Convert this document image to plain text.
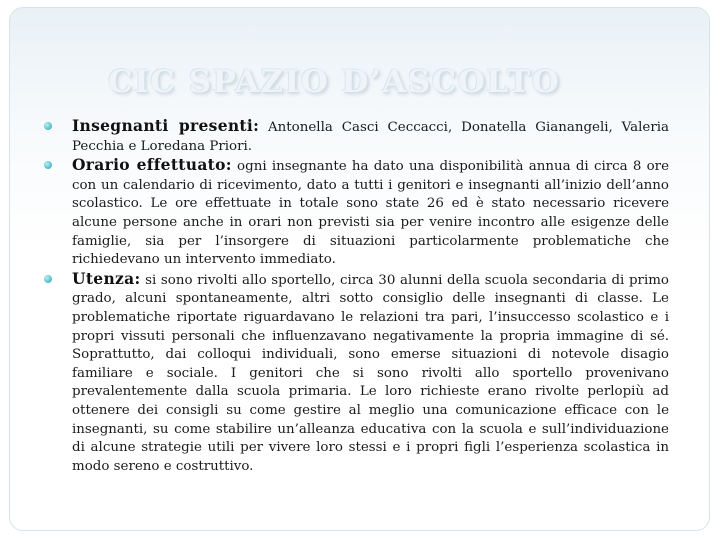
CIC SPAZIO D’ASCOLTO

Insegnanti presenti: Antonella Casci Ceccacci, Donatella Gianangeli, Valeria Pecchia e Loredana Priori.

Orario effettuato: ogni insegnante ha dato una disponibilità annua di circa 8 ore con un calendario di ricevimento, dato a tutti i genitori e insegnanti all’inizio dell’anno scolastico. Le ore effettuate in totale sono state 26 ed è stato necessario ricevere alcune persone anche in orari non previsti sia per venire incontro alle esigenze delle famiglie, sia per l’insorgere di situazioni particolarmente problematiche che richiedevano un intervento immediato.

Utenza: si sono rivolti allo sportello, circa 30 alunni della scuola secondaria di primo grado, alcuni spontaneamente, altri sotto consiglio delle insegnanti di classe. Le problematiche riportate riguardavano le relazioni tra pari, l’insuccesso scolastico e i propri vissuti personali che influenzavano negativamente la propria immagine di sé. Soprattutto, dai colloqui individuali, sono emerse situazioni di notevole disagio familiare e sociale. I genitori che si sono rivolti allo sportello provenivano prevalentemente dalla scuola primaria. Le loro richieste erano rivolte perlopiù ad ottenere dei consigli su come gestire al meglio una comunicazione efficace con le insegnanti, su come stabilire un’alleanza educativa con la scuola e sull’individuazione di alcune strategie utili per vivere loro stessi e i propri figli l’esperienza scolastica in modo sereno e costruttivo.
